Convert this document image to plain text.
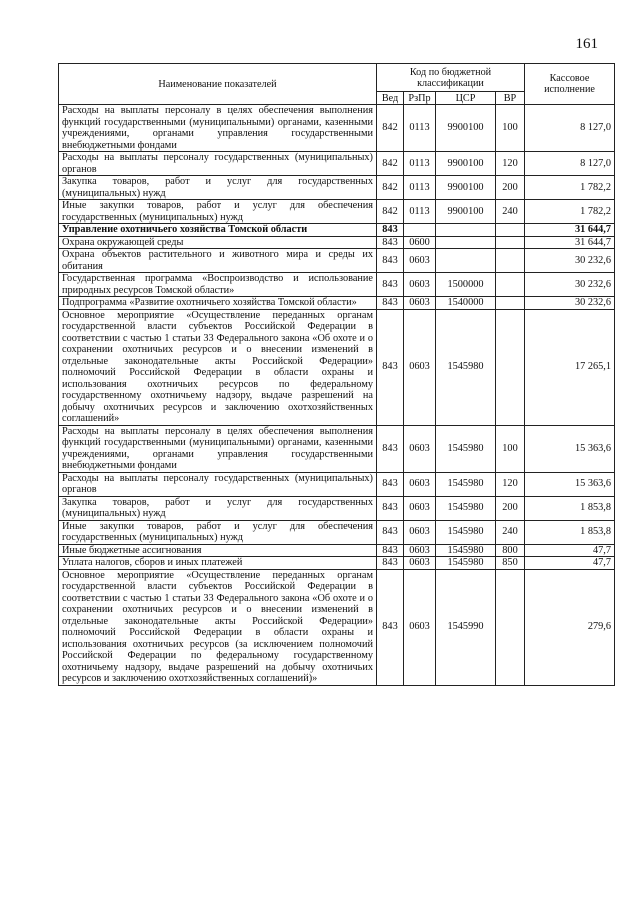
161
Наименование показателей	Код по бюджетной классификации				Кассовое исполнение
	Вед	РзПр	ЦСР	ВР	
Расходы на выплаты персоналу в целях обеспечения выполнения функций государственными (муниципальными) органами, казенными учреждениями, органами управления государственными внебюджетными фондами	842	0113	9900100	100	8 127,0
Расходы на выплаты персоналу государственных (муниципальных) органов	842	0113	9900100	120	8 127,0
Закупка товаров, работ и услуг для государственных (муниципальных) нужд	842	0113	9900100	200	1 782,2
Иные закупки товаров, работ и услуг для обеспечения государственных (муниципальных) нужд	842	0113	9900100	240	1 782,2
Управление охотничьего хозяйства Томской области	843				31 644,7
Охрана окружающей среды	843	0600			31 644,7
Охрана объектов растительного и животного мира и среды их обитания	843	0603			30 232,6
Государственная программа «Воспроизводство и использование природных ресурсов Томской области»	843	0603	1500000		30 232,6
Подпрограмма «Развитие охотничьего хозяйства Томской области»	843	0603	1540000		30 232,6
Основное мероприятие «Осуществление переданных органам государственной власти субъектов Российской Федерации в соответствии с частью 1 статьи 33 Федерального закона «Об охоте и о сохранении охотничьих ресурсов и о внесении изменений в отдельные законодательные акты Российской Федерации» полномочий Российской Федерации в области охраны и использования охотничьих ресурсов по федеральному государственному охотничьему надзору, выдаче разрешений на добычу охотничьих ресурсов и заключению охотхозяйственных соглашений»	843	0603	1545980		17 265,1
Расходы на выплаты персоналу в целях обеспечения выполнения функций государственными (муниципальными) органами, казенными учреждениями, органами управления государственными внебюджетными фондами	843	0603	1545980	100	15 363,6
Расходы на выплаты персоналу государственных (муниципальных) органов	843	0603	1545980	120	15 363,6
Закупка товаров, работ и услуг для государственных (муниципальных) нужд	843	0603	1545980	200	1 853,8
Иные закупки товаров, работ и услуг для обеспечения государственных (муниципальных) нужд	843	0603	1545980	240	1 853,8
Иные бюджетные ассигнования	843	0603	1545980	800	47,7
Уплата налогов, сборов и иных платежей	843	0603	1545980	850	47,7
Основное мероприятие «Осуществление переданных органам государственной власти субъектов Российской Федерации в соответствии с частью 1 статьи 33 Федерального закона «Об охоте и о сохранении охотничьих ресурсов и о внесении изменений в отдельные законодательные акты Российской Федерации» полномочий Российской Федерации в области охраны и использования охотничьих ресурсов (за исключением полномочий Российской Федерации по федеральному государственному охотничьему надзору, выдаче разрешений на добычу охотничьих ресурсов и заключению охотхозяйственных соглашений)»	843	0603	1545990		279,6
